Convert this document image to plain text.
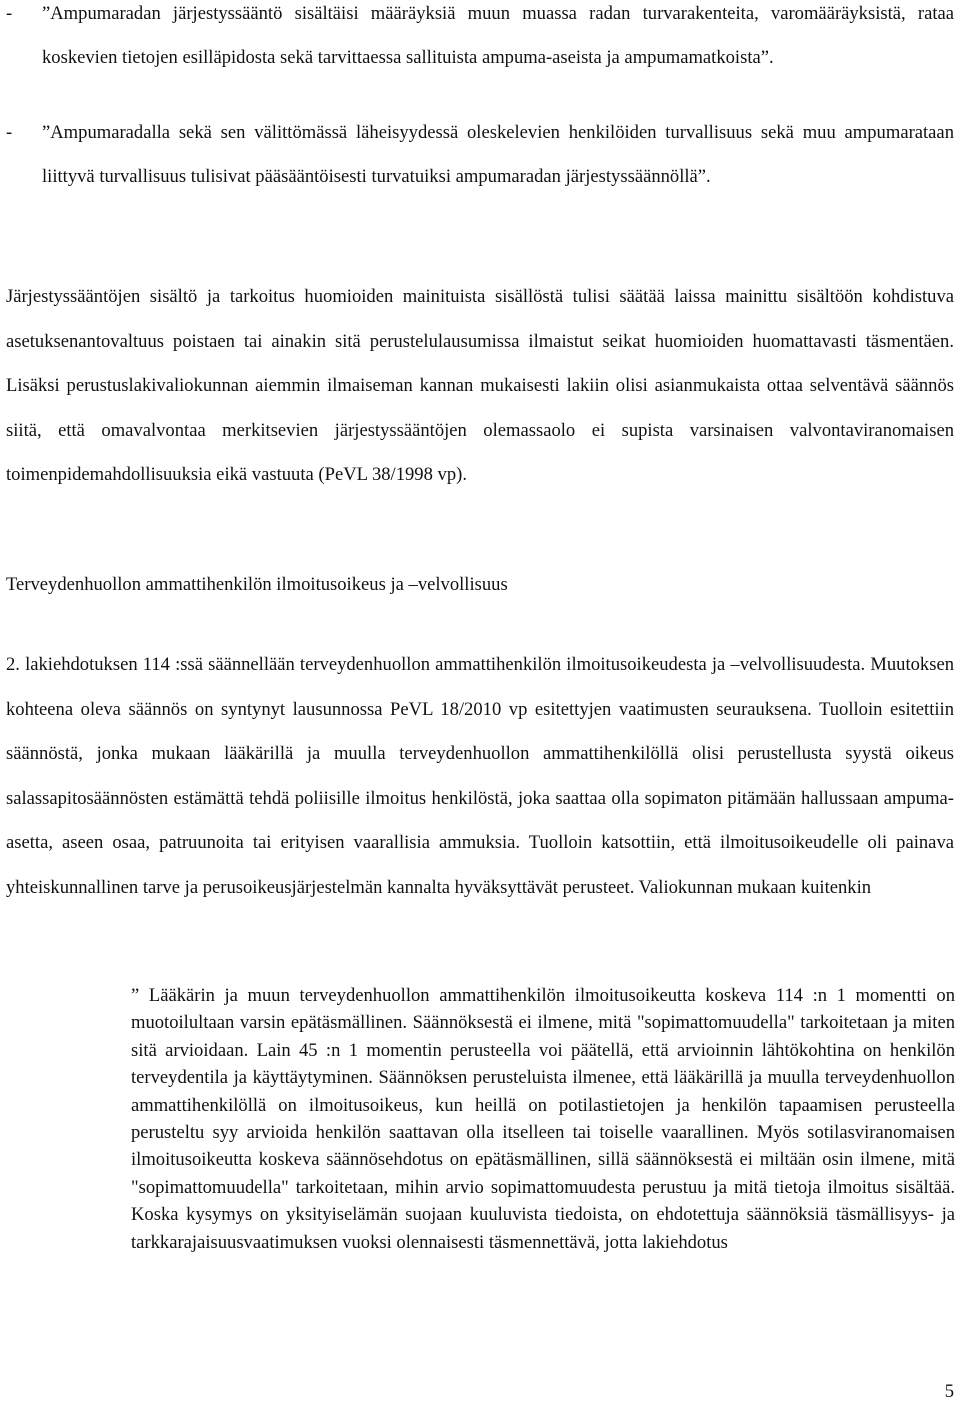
-	”Ampumaradan järjestyssääntö sisältäisi määräyksiä muun muassa radan turvarakenteita, varomääräyksistä, rataa koskevien tietojen esilläpidosta sekä tarvittaessa sallituista ampuma-aseista ja ampumamatkoista”.
-	”Ampumaradalla sekä sen välittömässä läheisyydessä oleskelevien henkilöiden turvallisuus sekä muu ampumarataan liittyvä turvallisuus tulisivat pääsääntöisesti turvatuiksi ampumaradan järjestyssäännöllä”.
Järjestyssääntöjen sisältö ja tarkoitus huomioiden mainituista sisällöstä tulisi säätää laissa mainittu sisältöön kohdistuva asetuksenantovaltuus poistaen tai ainakin sitä perustelulausumissa ilmaistut seikat huomioiden huomattavasti täsmentäen. Lisäksi perustuslakivaliokunnan aiemmin ilmaiseman kannan mukaisesti lakiin olisi asianmukaista ottaa selventävä säännös siitä, että omavalvontaa merkitsevien järjestyssääntöjen olemassaolo ei supista varsinaisen valvontaviranomaisen toimenpidemahdollisuuksia eikä vastuuta (PeVL 38/1998 vp).
Terveydenhuollon ammattihenkilön ilmoitusoikeus ja –velvollisuus
2. lakiehdotuksen 114 :ssä säännellään terveydenhuollon ammattihenkilön ilmoitusoikeudesta ja –velvollisuudesta. Muutoksen kohteena oleva säännös on syntynyt lausunnossa PeVL 18/2010 vp esitettyjen vaatimusten seurauksena. Tuolloin esitettiin säännöstä, jonka mukaan lääkärillä ja muulla terveydenhuollon ammattihenkilöllä olisi perustellusta syystä oikeus salassapitosäännösten estämättä tehdä poliisille ilmoitus henkilöstä, joka saattaa olla sopimaton pitämään hallussaan ampuma-asetta, aseen osaa, patruunoita tai erityisen vaarallisia ammuksia. Tuolloin katsottiin, että ilmoitusoikeudelle oli painava yhteiskunnallinen tarve ja perusoikeusjärjestelmän kannalta hyväksyttävät perusteet. Valiokunnan mukaan kuitenkin
” Lääkärin ja muun terveydenhuollon ammattihenkilön ilmoitusoikeutta koskeva 114 :n 1 momentti on muotoilultaan varsin epätäsmällinen. Säännöksestä ei ilmene, mitä "sopimattomuudella" tarkoitetaan ja miten sitä arvioidaan. Lain 45 :n 1 momentin perusteella voi päätellä, että arvioinnin lähtökohtina on henkilön terveydentila ja käyttäytyminen. Säännöksen perusteluista ilmenee, että lääkärillä ja muulla terveydenhuollon ammattihenkilöllä on ilmoitusoikeus, kun heillä on potilastietojen ja henkilön tapaamisen perusteella perusteltu syy arvioida henkilön saattavan olla itselleen tai toiselle vaarallinen. Myös sotilasviranomaisen ilmoitusoikeutta koskeva säännösehdotus on epätäsmällinen, sillä säännöksestä ei miltään osin ilmene, mitä "sopimattomuudella" tarkoitetaan, mihin arvio sopimattomuudesta perustuu ja mitä tietoja ilmoitus sisältää. Koska kysymys on yksityiselämän suojaan kuuluvista tiedoista, on ehdotettuja säännöksiä täsmällisyys- ja tarkkarajaisuusvaatimuksen vuoksi olennaisesti täsmennettävä, jotta lakiehdotus
5
